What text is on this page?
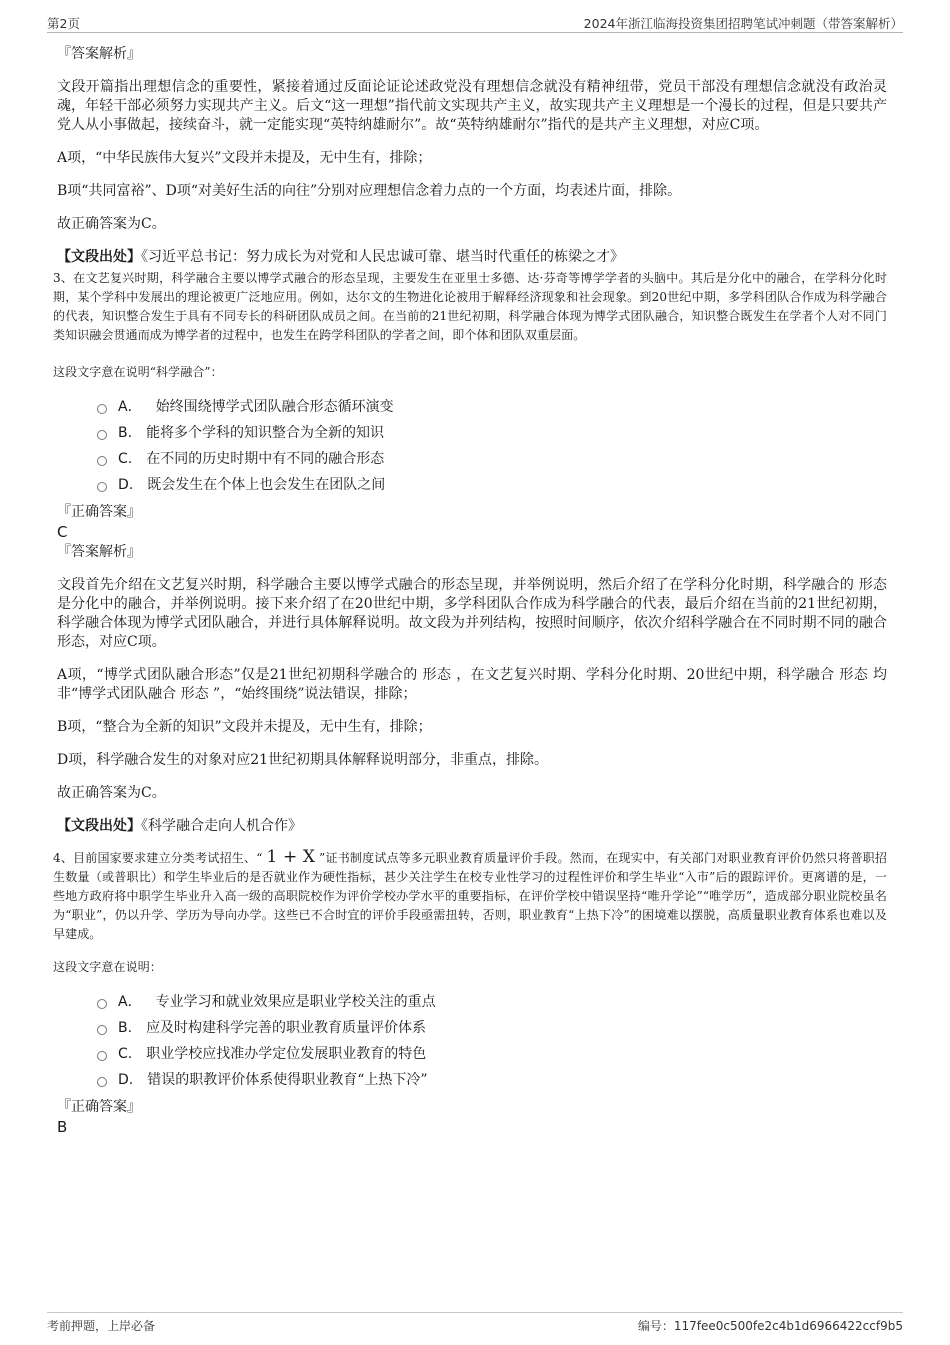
第2页	2024年浙江临海投资集团招聘笔试冲刺题（带答案解析）
『答案解析』
文段开篇指出理想信念的重要性，紧接着通过反面论证论述政党没有理想信念就没有精神纽带，党员干部没有理想信念就没有政治灵魂，年轻干部必须努力实现共产主义。后文“这一理想”指代前文实现共产主义，故实现共产主义理想是一个漫长的过程，但是只要共产党人从小事做起，接续奋斗，就一定能实现“英特纳雄耐尔”。故“英特纳雄耐尔”指代的是共产主义理想，对应C项。
A项，“中华民族伟大复兴”文段并未提及，无中生有，排除；
B项“共同富裕”、D项“对美好生活的向往”分别对应理想信念着力点的一个方面，均表述片面，排除。
故正确答案为C。
【文段出处】《习近平总书记：努力成长为对党和人民忠诚可靠、堪当时代重任的栋梁之才》
3、在文艺复兴时期，科学融合主要以博学式融合的形态呈现，主要发生在亚里士多德、达·芬奇等博学学者的头脑中。其后是分化中的融合，在学科分化时期，某个学科中发展出的理论被更广泛地应用。例如，达尔文的生物进化论被用于解释经济现象和社会现象。到20世纪中期，多学科团队合作成为科学融合的代表，知识整合发生于具有不同专长的科研团队成员之间。在当前的21世纪初期，科学融合体现为博学式团队融合，知识整合既发生在学者个人对不同门类知识融会贯通而成为博学者的过程中，也发生在跨学科团队的学者之间，即个体和团队双重层面。
这段文字意在说明“科学融合”：
A． 始终围绕博学式团队融合形态循环演变
B. 能将多个学科的知识整合为全新的知识
C. 在不同的历史时期中有不同的融合形态
D. 既会发生在个体上也会发生在团队之间
『正确答案』
C
『答案解析』
文段首先介绍在文艺复兴时期，科学融合主要以博学式融合的形态呈现，并举例说明，然后介绍了在学科分化时期，科学融合的 形态 是分化中的融合，并举例说明。接下来介绍了在20世纪中期，多学科团队合作成为科学融合的代表，最后介绍在当前的21世纪初期，科学融合体现为博学式团队融合，并进行具体解释说明。故文段为并列结构，按照时间顺序，依次介绍科学融合在不同时期不同的融合形态，对应C项。
A项，“博学式团队融合形态”仅是21世纪初期科学融合的 形态 ，在文艺复兴时期、学科分化时期、20世纪中期，科学融合 形态 均非“博学式团队融合 形态 ”，“始终围绕”说法错误，排除；
B项，“整合为全新的知识”文段并未提及，无中生有，排除；
D项，科学融合发生的对象对应21世纪初期具体解释说明部分，非重点，排除。
故正确答案为C。
【文段出处】《科学融合走向人机合作》
4、目前国家要求建立分类考试招生、“ 1 + X ”证书制度试点等多元职业教育质量评价手段。然而，在现实中，有关部门对职业教育评价仍然只将普职招生数量（或普职比）和学生毕业后的是否就业作为硬性指标，甚少关注学生在校专业性学习的过程性评价和学生毕业“入市”后的跟踪评价。更离谱的是，一些地方政府将中职学生毕业升入高一级的高职院校作为评价学校办学水平的重要指标，在评价学校中错误坚持“唯升学论”“唯学历”，造成部分职业院校虽名为“职业”，仍以升学、学历为导向办学。这些已不合时宜的评价手段亟需扭转，否则，职业教育“上热下冷”的困境难以摆脱，高质量职业教育体系也难以及早建成。
这段文字意在说明：
A． 专业学习和就业效果应是职业学校关注的重点
B. 应及时构建科学完善的职业教育质量评价体系
C. 职业学校应找准办学定位发展职业教育的特色
D. 错误的职教评价体系使得职业教育“上热下冷”
『正确答案』
B
考前押题，上岸必备	编号：117fee0c500fe2c4b1d6966422ccf9b5
